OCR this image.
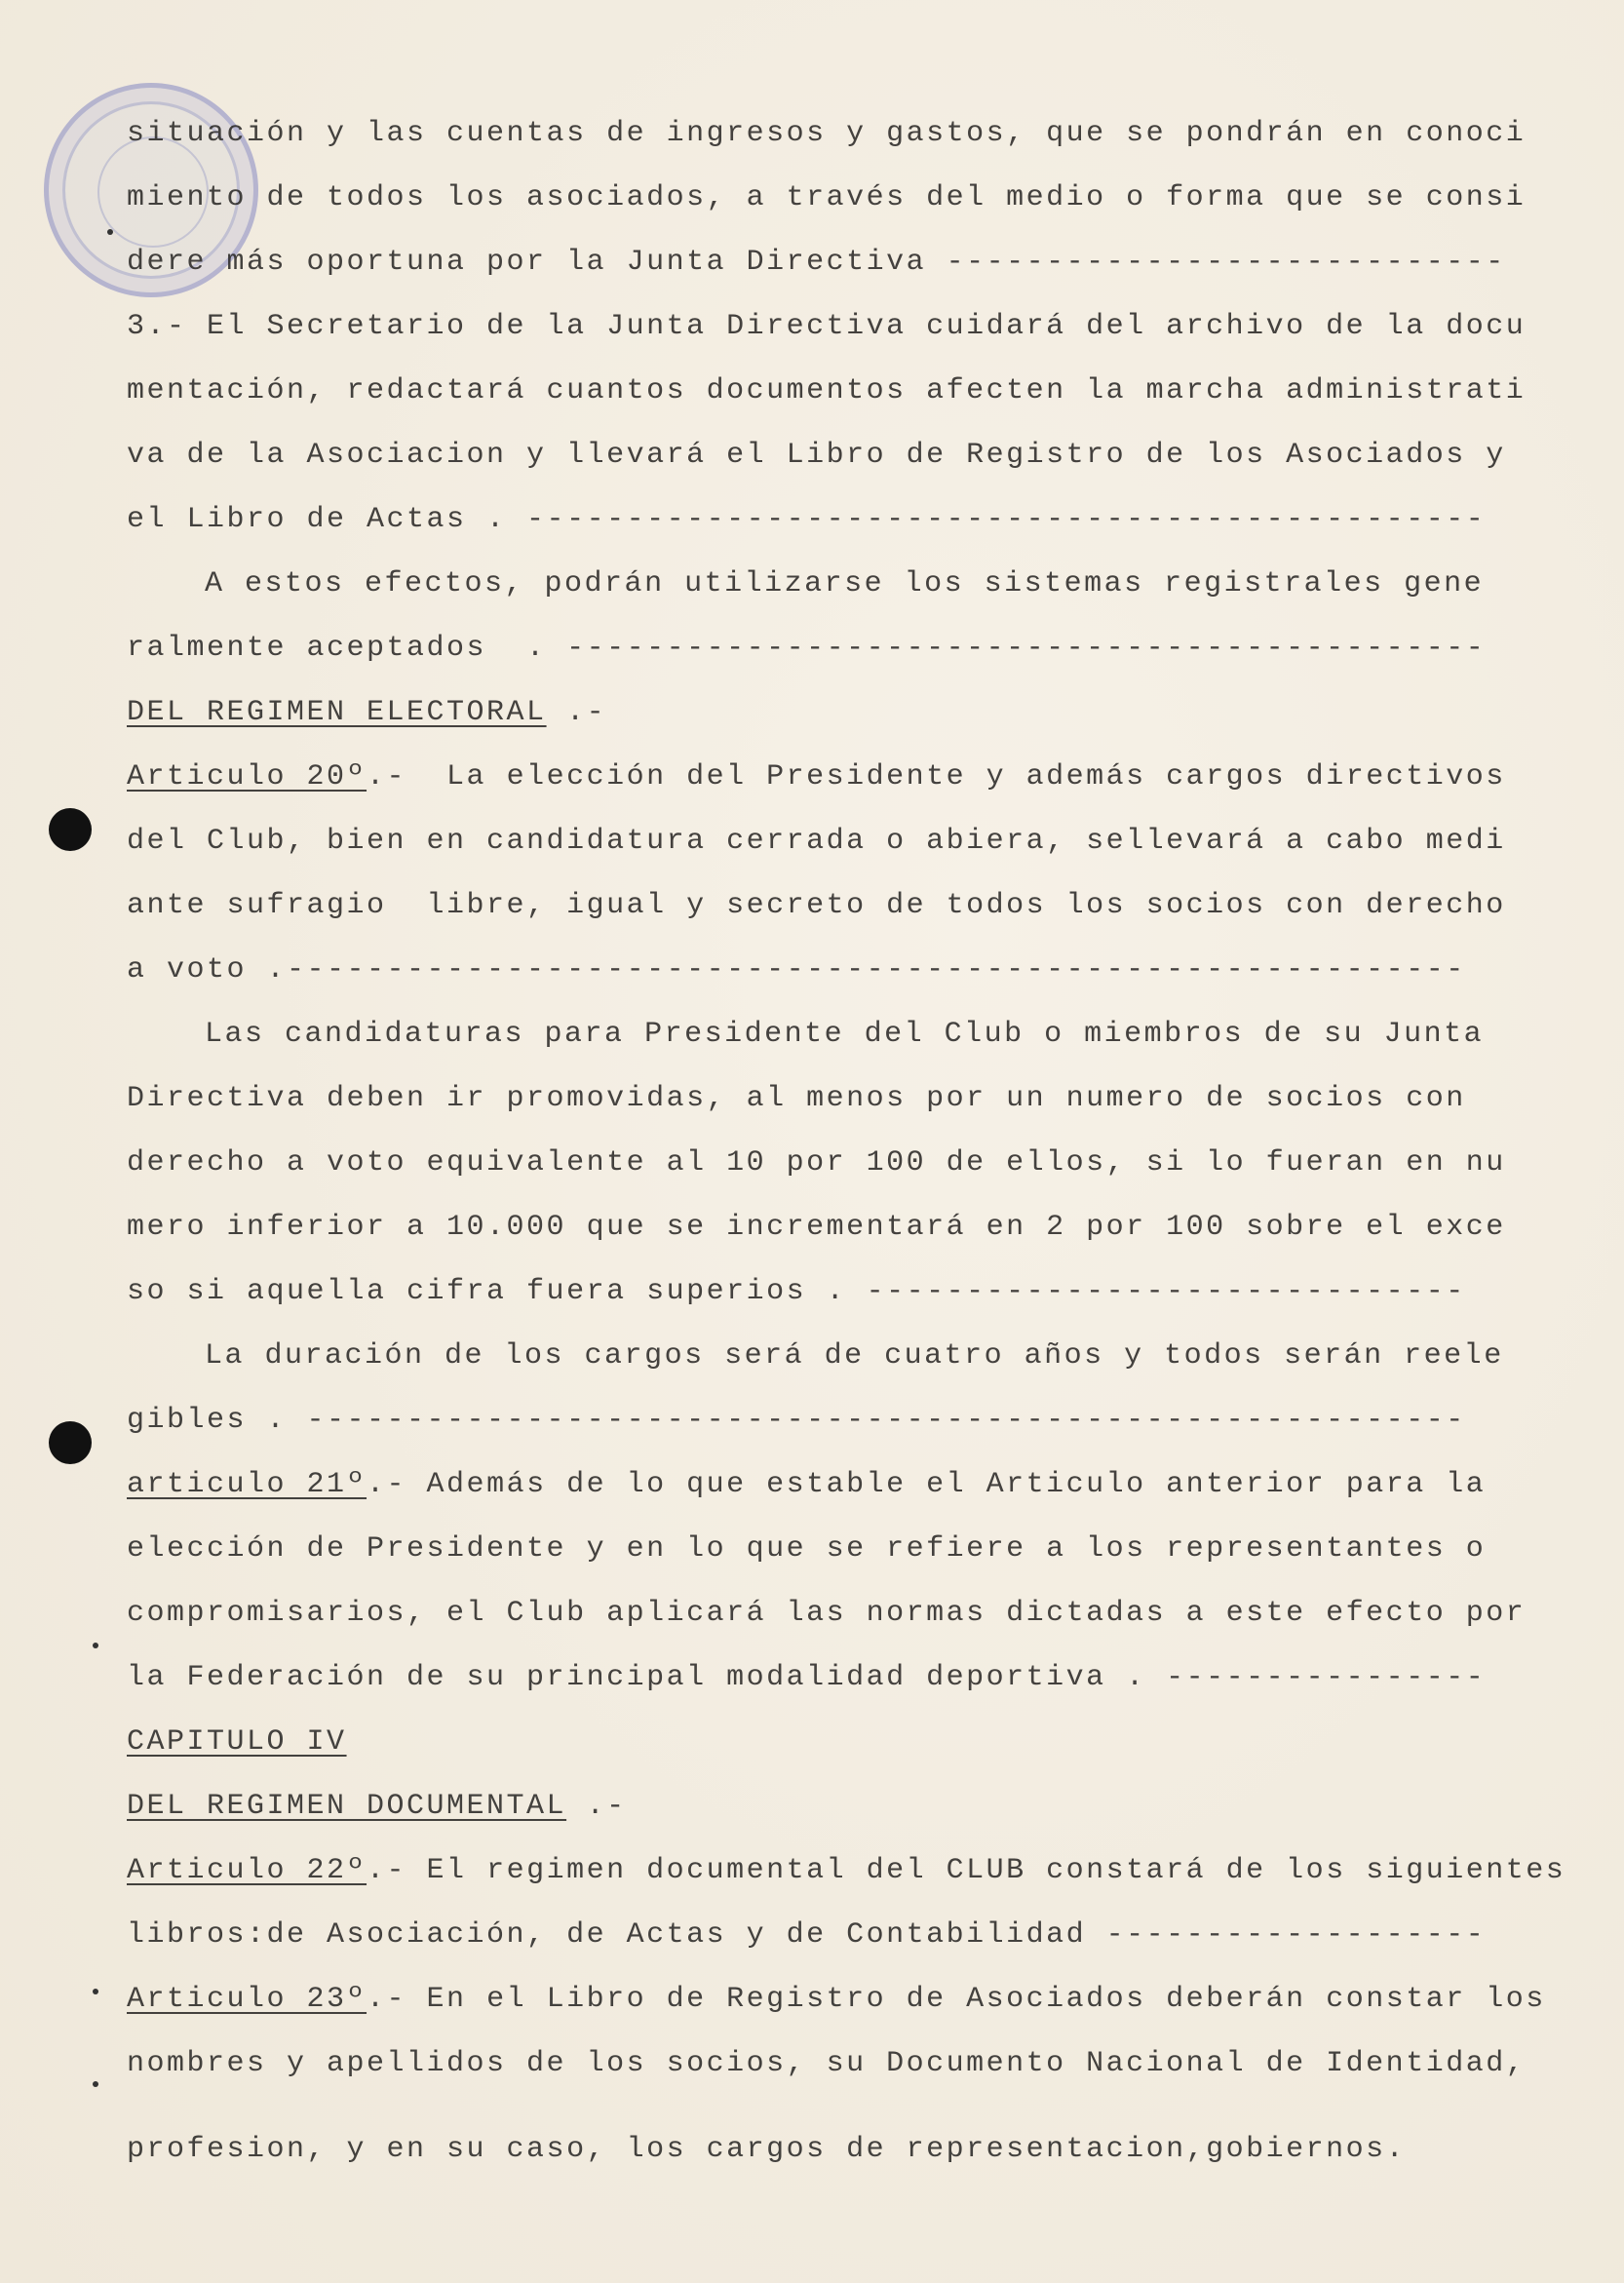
situación y las cuentas de ingresos y gastos, que se pondrán en conoci
miento de todos los asociados, a través del medio o forma que se consi
dere más oportuna por la Junta Directiva ----------------------------
3.- El Secretario de la Junta Directiva cuidará del archivo de la docu
mentación, redactará cuantos documentos afecten la marcha administrati
va de la Asociacion y llevará el Libro de Registro de los Asociados y
el Libro de Actas . ------------------------------------------------
A estos efectos, podrán utilizarse los sistemas registrales gene
ralmente aceptados  . ----------------------------------------------
DEL REGIMEN ELECTORAL .-
Articulo 20º.-  La elección del Presidente y además cargos directivos
del Club, bien en candidatura cerrada o abiera, sellevará a cabo medi
ante sufragio  libre, igual y secreto de todos los socios con derecho
a voto .-----------------------------------------------------------
Las candidaturas para Presidente del Club o miembros de su Junta
Directiva deben ir promovidas, al menos por un numero de socios con
derecho a voto equivalente al 10 por 100 de ellos, si lo fueran en nu
mero inferior a 10.000 que se incrementará en 2 por 100 sobre el exce
so si aquella cifra fuera superios . ------------------------------
La duración de los cargos será de cuatro años y todos serán reele
gibles . ----------------------------------------------------------
articulo 21º.- Además de lo que estable el Articulo anterior para la
elección de Presidente y en lo que se refiere a los representantes o
compromisarios, el Club aplicará las normas dictadas a este efecto por
la Federación de su principal modalidad deportiva . ----------------
CAPITULO IV
DEL REGIMEN DOCUMENTAL .-
Articulo 22º.- El regimen documental del CLUB constará de los siguientes
libros:de Asociación, de Actas y de Contabilidad -------------------
Articulo 23º.- En el Libro de Registro de Asociados deberán constar los
nombres y apellidos de los socios, su Documento Nacional de Identidad,
profesion, y en su caso, los cargos de representacion,gobiernos.
